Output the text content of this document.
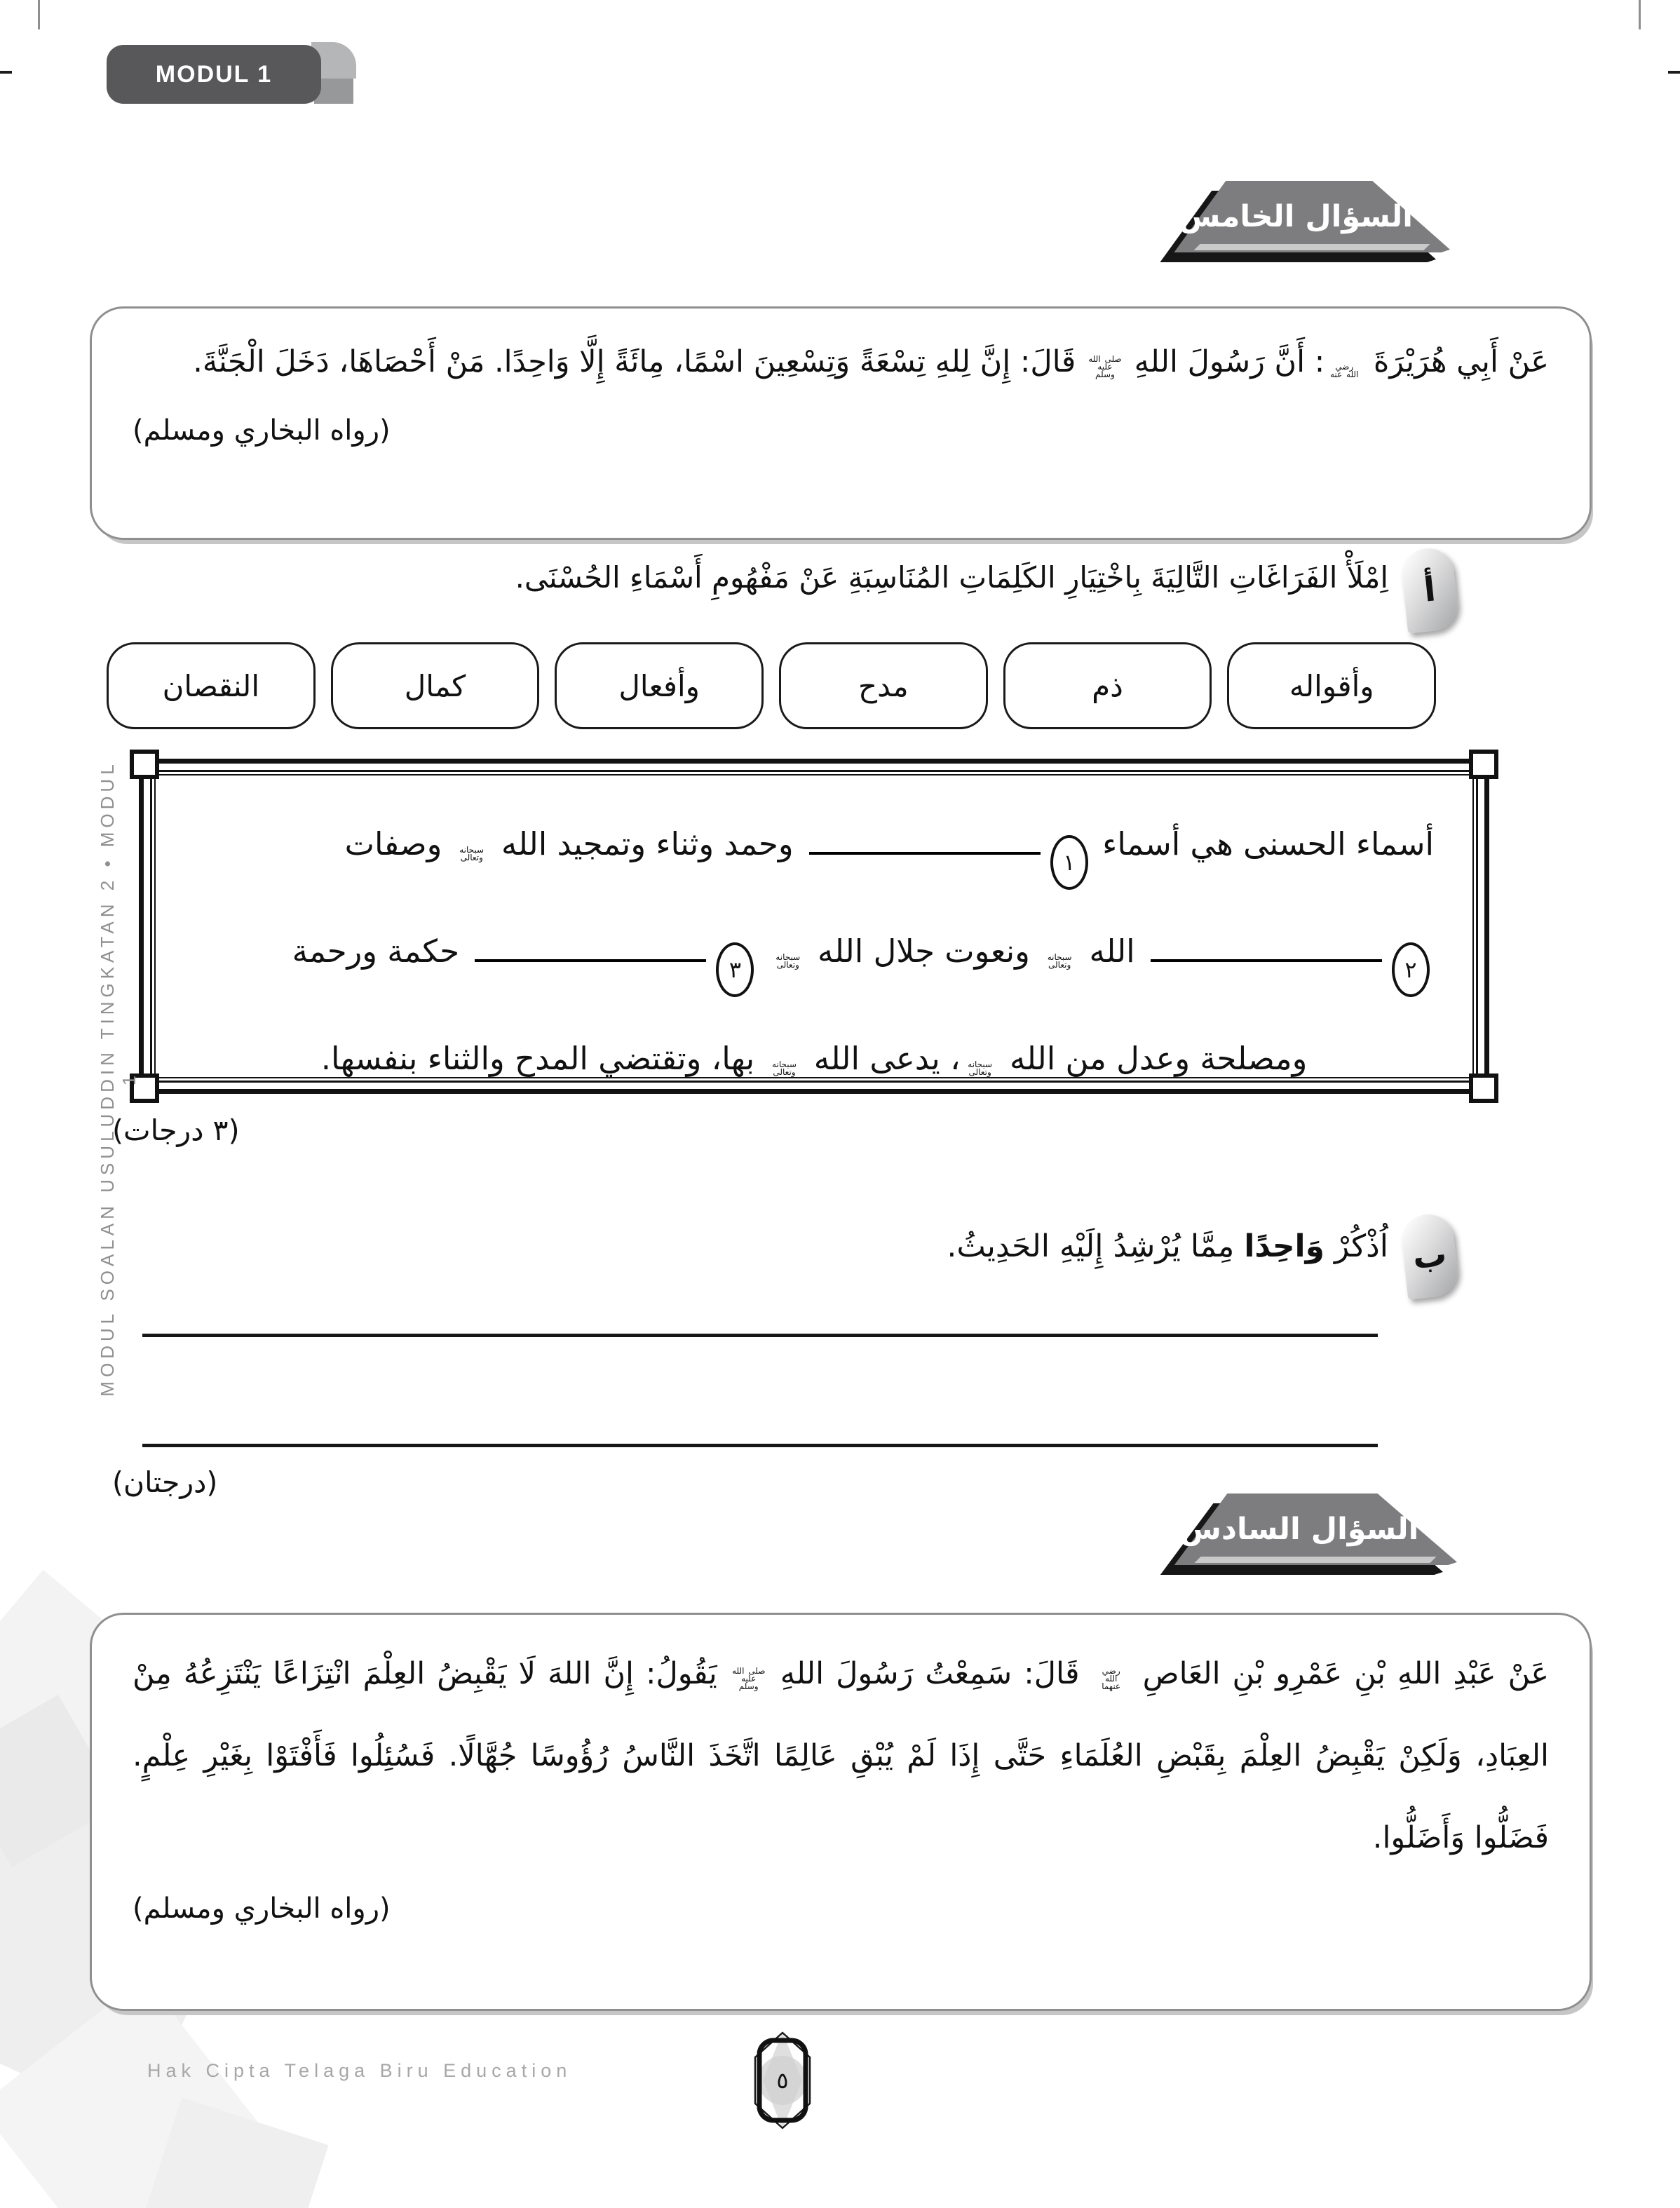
MODUL 1
السؤال الخامس

عَنْ أَبِي هُرَيْرَةَ رضي الله عنه: أَنَّ رَسُولَ اللهِ صلى الله عليه وسلم قَالَ: إِنَّ لِلهِ تِسْعَةً وَتِسْعِينَ اسْمًا، مِائَةً إِلَّا وَاحِدًا. مَنْ أَحْصَاهَا، دَخَلَ الْجَنَّةَ.

(رواه البخاري ومسلم)

أ
اِمْلَأْ الفَرَاغَاتِ التَّالِيَةَ بِاخْتِيَارِ الكَلِمَاتِ المُنَاسِبَةِ عَنْ مَفْهُومِ أَسْمَاءِ الحُسْنَى.
وأقواله
ذم
مدح
وأفعال
كمال
النقصان
أسماء الحسنى هي أسماء ١ وحمد وثناء وتمجيد الله سبحانه وتعالى وصفات
٢ الله سبحانه وتعالى ونعوت جلال الله سبحانه وتعالى ٣ حكمة ورحمة
ومصلحة وعدل من الله سبحانه وتعالى، يدعى الله سبحانه وتعالى بها، وتقتضي المدح والثناء بنفسها.
(٣ درجات)
ب
اُذْكُرْ وَاحِدًا مِمَّا يُرْشِدُ إِلَيْهِ الحَدِيثُ.
(درجتان)
السؤال السادس

عَنْ عَبْدِ اللهِ بْنِ عَمْرِو بْنِ العَاصِ رضي الله عنهما قَالَ: سَمِعْتُ رَسُولَ اللهِ صلى الله عليه وسلم يَقُولُ: إِنَّ اللهَ لَا يَقْبِضُ العِلْمَ انْتِزَاعًا يَنْتَزِعُهُ مِنْ العِبَادِ، وَلَكِنْ يَقْبِضُ العِلْمَ بِقَبْضِ العُلَمَاءِ حَتَّى إِذَا لَمْ يُبْقِ عَالِمًا اتَّخَذَ النَّاسُ رُؤُوسًا جُهَّالًا. فَسُئِلُوا فَأَفْتَوْا بِغَيْرِ عِلْمٍ. فَضَلُّوا وَأَضَلُّوا.

(رواه البخاري ومسلم)

MODUL SOALAN USULUDDIN TINGKATAN 2 • MODUL 1
Hak Cipta Telaga Biru Education	٥
